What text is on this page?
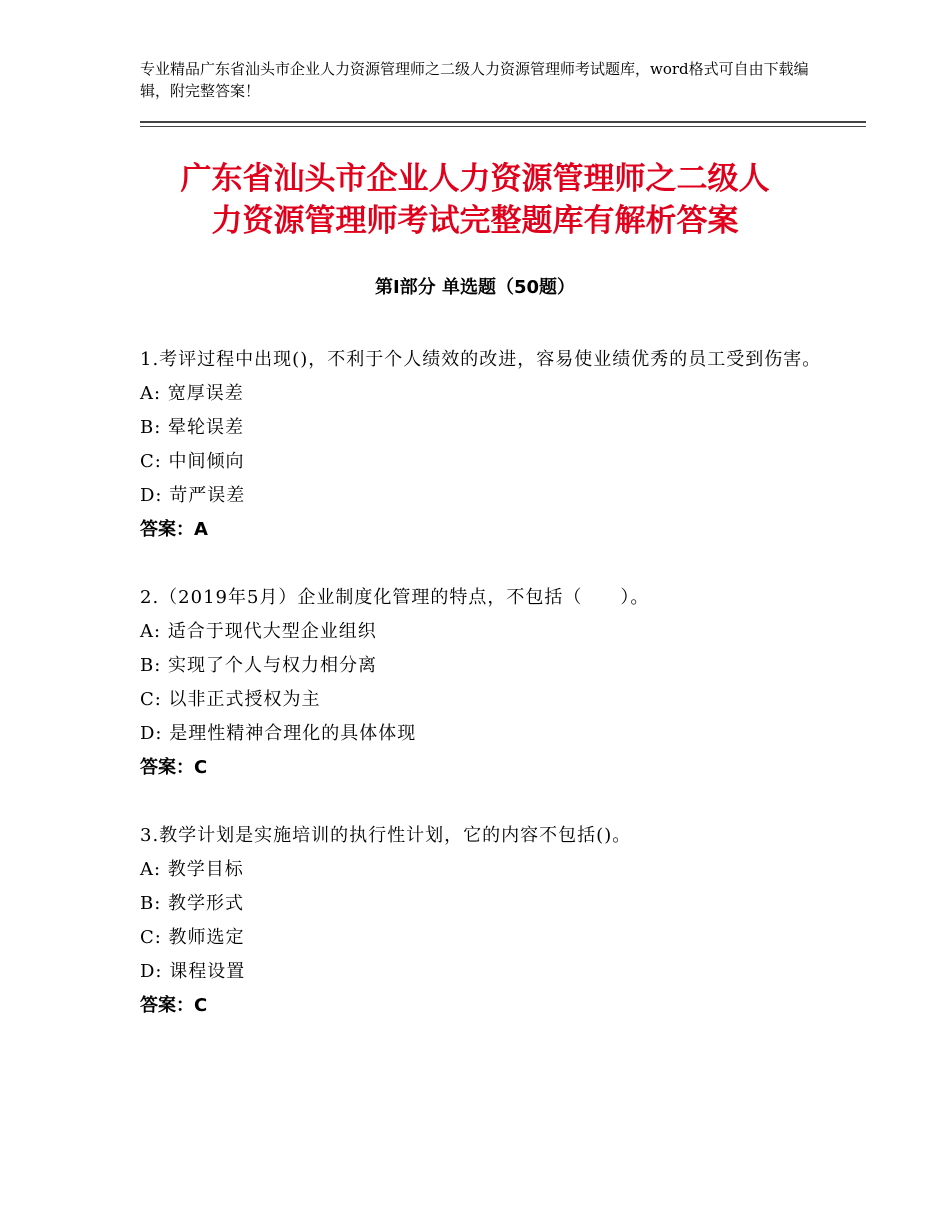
专业精品广东省汕头市企业人力资源管理师之二级人力资源管理师考试题库，word格式可自由下载编辑，附完整答案！
广东省汕头市企业人力资源管理师之二级人
力资源管理师考试完整题库有解析答案
第Ⅰ部分 单选题（50题）
1.考评过程中出现()，不利于个人绩效的改进，容易使业绩优秀的员工受到伤害。
A: 宽厚误差
B: 晕轮误差
C: 中间倾向
D: 苛严误差
答案：A
2.（2019年5月）企业制度化管理的特点，不包括（　　）。
A: 适合于现代大型企业组织
B: 实现了个人与权力相分离
C: 以非正式授权为主
D: 是理性精神合理化的具体体现
答案：C
3.教学计划是实施培训的执行性计划，它的内容不包括()。
A: 教学目标
B: 教学形式
C: 教师选定
D: 课程设置
答案：C
